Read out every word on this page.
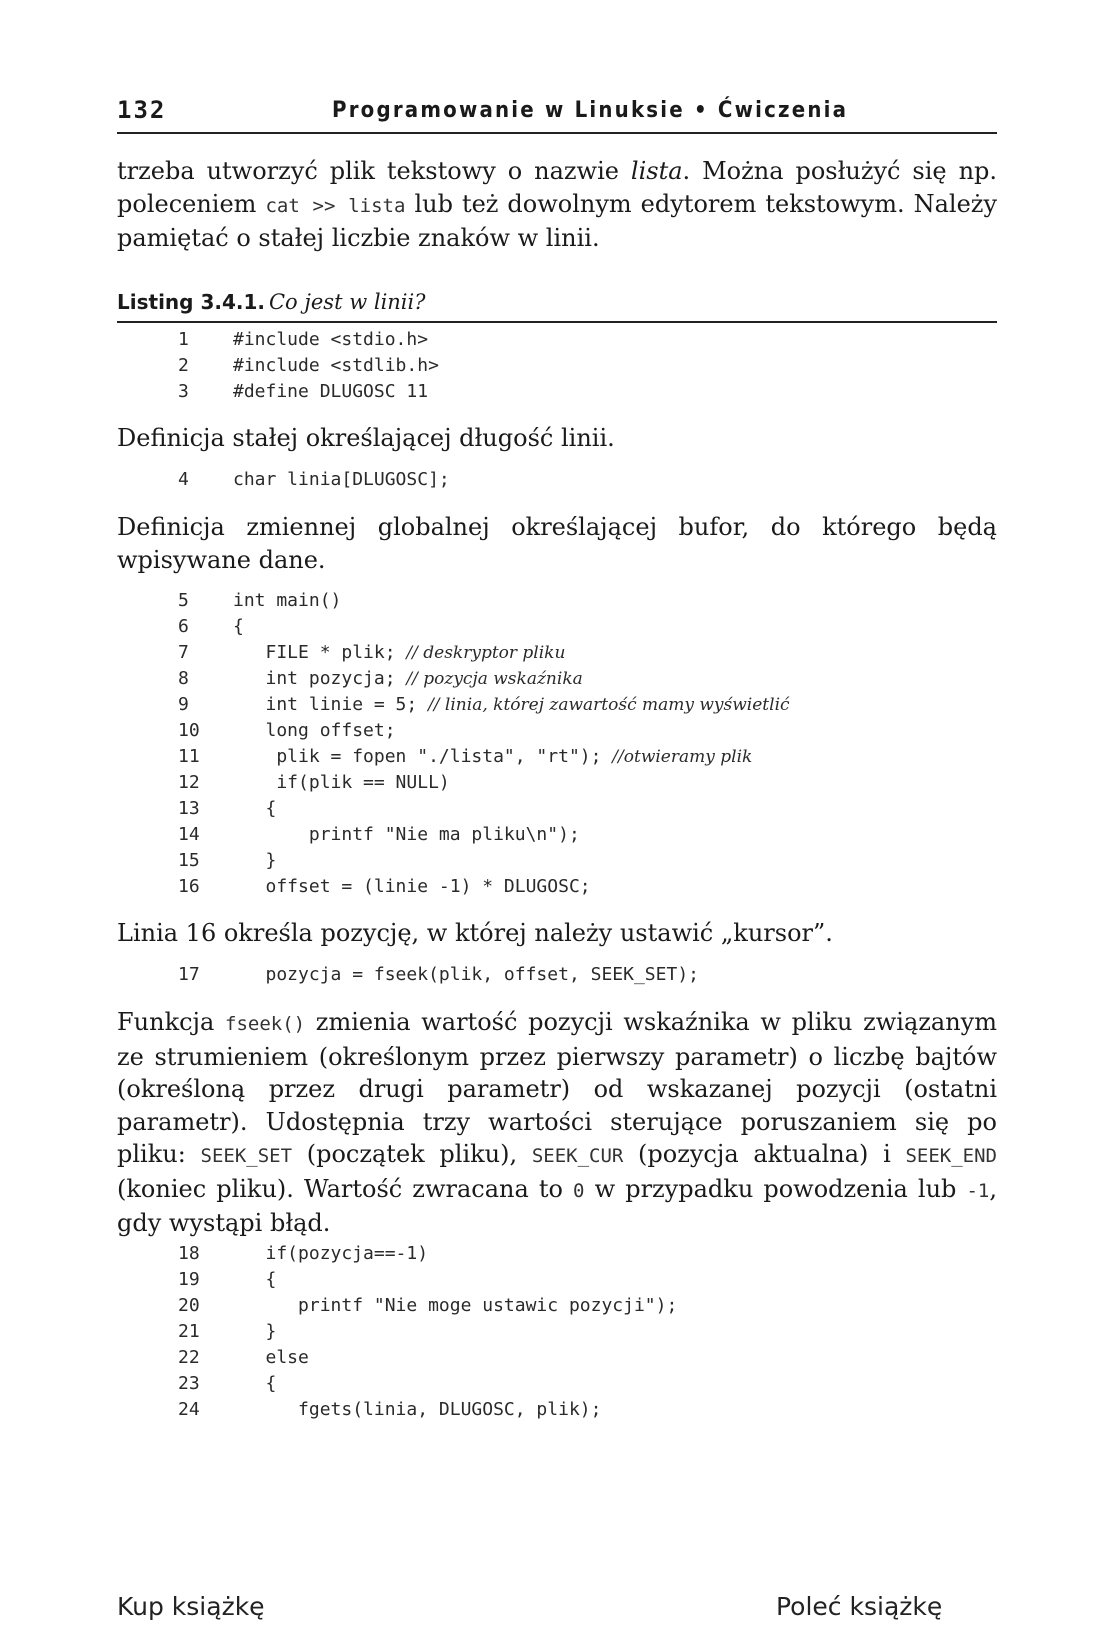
132	Programowanie w Linuksie • Ćwiczenia
trzeba utworzyć plik tekstowy o nazwie lista. Można posłużyć się np. poleceniem cat >> lista lub też dowolnym edytorem tekstowym. Należy pamiętać o stałej liczbie znaków w linii.
Listing 3.4.1. Co jest w linii?
1 #include <stdio.h>
2 #include <stdlib.h>
3 #define DLUGOSC 11
Definicja stałej określającej długość linii.
4 char linia[DLUGOSC];
Definicja zmiennej globalnej określającej bufor, do którego będą wpisywane dane.
5 int main()
6 {
7   FILE * plik; // deskryptor pliku
8   int pozycja; // pozycja wskaźnika
9   int linie = 5; // linia, której zawartość mamy wyświetlić
10   long offset;
11    plik = fopen "./lista", "rt"); //otwieramy plik
12    if(plik == NULL)
13   {
14       printf "Nie ma pliku\n");
15   }
16   offset = (linie -1) * DLUGOSC;
Linia 16 określa pozycję, w której należy ustawić „kursor”.
17   pozycja = fseek(plik, offset, SEEK_SET);
Funkcja fseek() zmienia wartość pozycji wskaźnika w pliku związanym ze strumieniem (określonym przez pierwszy parametr) o liczbę bajtów (określoną przez drugi parametr) od wskazanej pozycji (ostatni parametr). Udostępnia trzy wartości sterujące poruszaniem się po pliku: SEEK_SET (początek pliku), SEEK_CUR (pozycja aktualna) i SEEK_END (koniec pliku). Wartość zwracana to 0 w przypadku powodzenia lub -1, gdy wystąpi błąd.
18   if(pozycja==-1)
19   {
20      printf "Nie moge ustawic pozycji");
21   }
22   else
23   {
24      fgets(linia, DLUGOSC, plik);
Kup książkę	Poleć książkę
